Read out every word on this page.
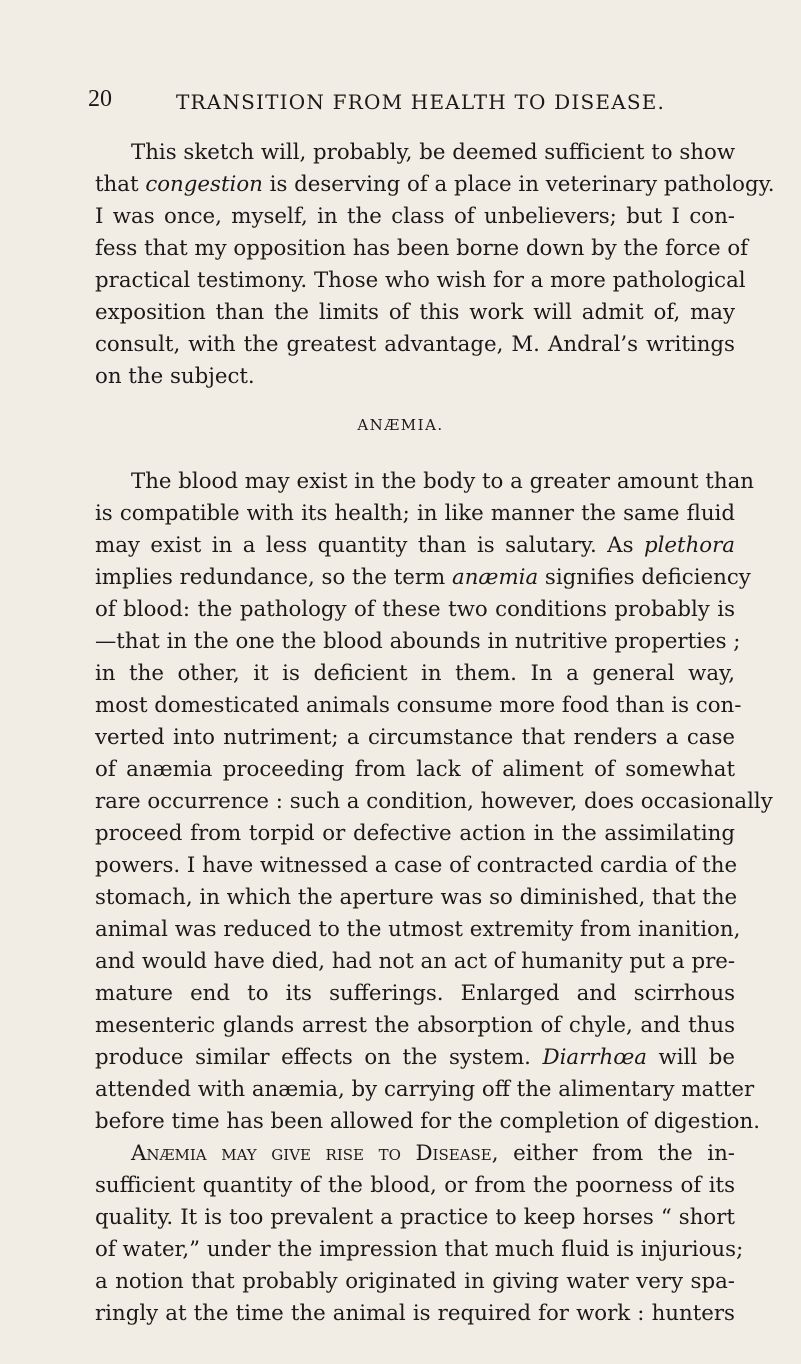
20	TRANSITION FROM HEALTH TO DISEASE.
This sketch will, probably, be deemed sufficient to show
that congestion is deserving of a place in veterinary pathology.
I was once, myself, in the class of unbelievers; but I con-
fess that my opposition has been borne down by the force of
practical testimony. Those who wish for a more pathological
exposition than the limits of this work will admit of, may
consult, with the greatest advantage, M. Andral’s writings
on the subject.
ANÆMIA.
The blood may exist in the body to a greater amount than
is compatible with its health; in like manner the same fluid
may exist in a less quantity than is salutary. As plethora
implies redundance, so the term anæmia signifies deficiency
of blood: the pathology of these two conditions probably is
—that in the one the blood abounds in nutritive properties ;
in the other, it is deficient in them. In a general way,
most domesticated animals consume more food than is con-
verted into nutriment; a circumstance that renders a case
of anæmia proceeding from lack of aliment of somewhat
rare occurrence : such a condition, however, does occasionally
proceed from torpid or defective action in the assimilating
powers. I have witnessed a case of contracted cardia of the
stomach, in which the aperture was so diminished, that the
animal was reduced to the utmost extremity from inanition,
and would have died, had not an act of humanity put a pre-
mature end to its sufferings. Enlarged and scirrhous
mesenteric glands arrest the absorption of chyle, and thus
produce similar effects on the system. Diarrhœa will be
attended with anæmia, by carrying off the alimentary matter
before time has been allowed for the completion of digestion.
Anæmia may give rise to Disease, either from the in-
sufficient quantity of the blood, or from the poorness of its
quality. It is too prevalent a practice to keep horses “ short
of water,” under the impression that much fluid is injurious;
a notion that probably originated in giving water very spa-
ringly at the time the animal is required for work : hunters
